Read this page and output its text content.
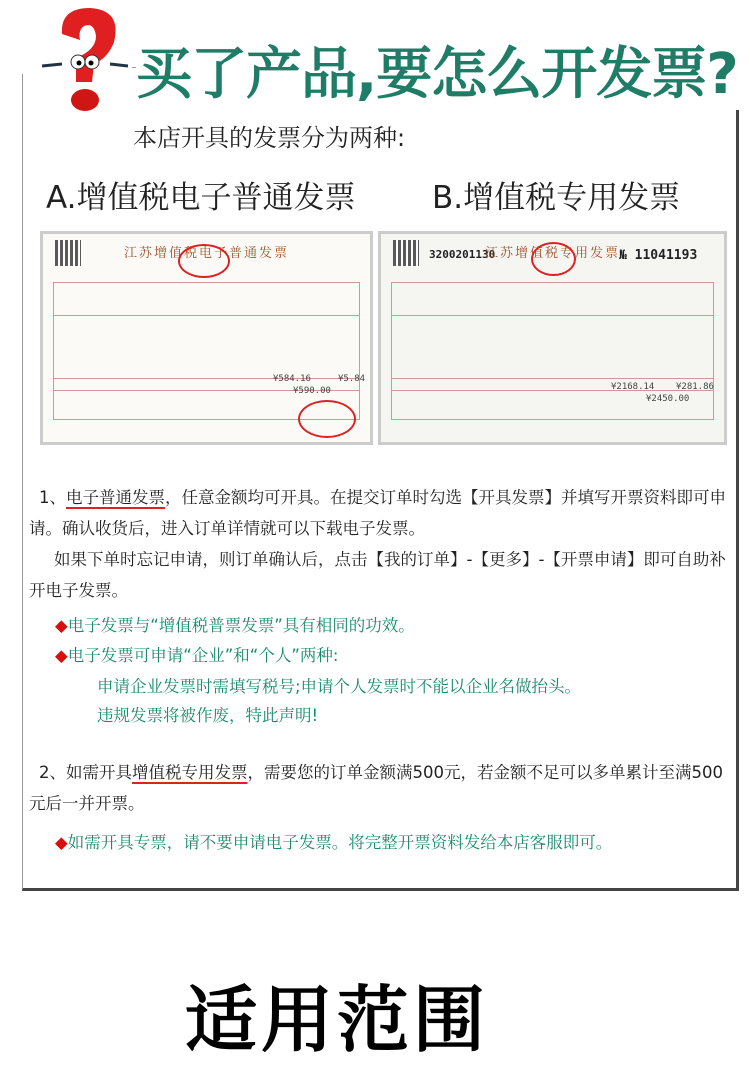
买了产品,要怎么开发票?
本店开具的发票分为两种:
A.增值税电子普通发票 B.增值税专用发票
江苏增值税电子普通发票
¥584.16	¥5.84
¥590.00
3200201130
江苏增值税专用发票 № 11041193
¥2168.14 ¥281.86
¥2450.00
1、电子普通发票，任意金额均可开具。在提交订单时勾选【开具发票】并填写开票资料即可申请。确认收货后，进入订单详情就可以下载电子发票。
如果下单时忘记申请，则订单确认后，点击【我的订单】-【更多】-【开票申请】即可自助补开电子发票。
◆电子发票与“增值税普票发票”具有相同的功效。
◆电子发票可申请“企业”和“个人”两种:
申请企业发票时需填写税号;申请个人发票时不能以企业名做抬头。
违规发票将被作废，特此声明!
2、如需开具增值税专用发票，需要您的订单金额满500元，若金额不足可以多单累计至满500元后一并开票。
◆如需开具专票，请不要申请电子发票。将完整开票资料发给本店客服即可。
适用范围
